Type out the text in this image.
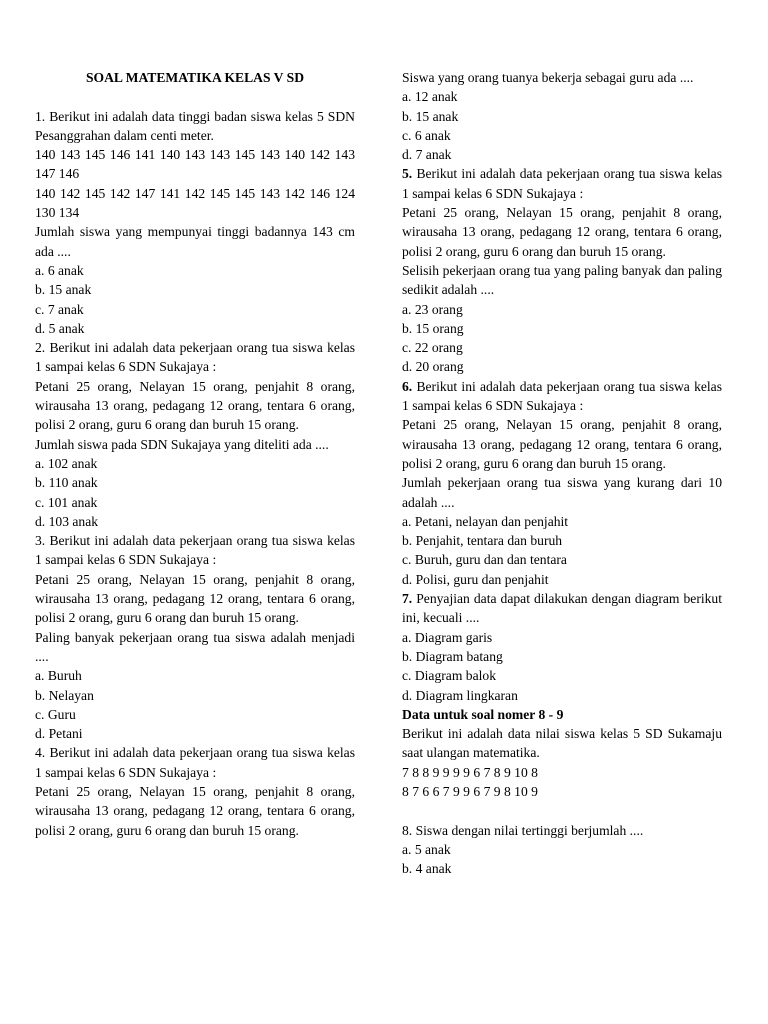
SOAL MATEMATIKA KELAS V SD

1. Berikut ini adalah data tinggi badan siswa kelas 5 SDN Pesanggrahan dalam centi meter.

140 143 145 146 141 140 143 143 145 143 140 142 143 147 146

140 142 145 142 147 141 142 145 145 143 142 146 124 130 134

Jumlah siswa yang mempunyai tinggi badannya 143 cm ada ....

a. 6 anak

b. 15 anak

c. 7 anak

d. 5 anak

2. Berikut ini adalah data pekerjaan orang tua siswa kelas 1 sampai kelas 6 SDN Sukajaya :

Petani 25 orang, Nelayan 15 orang, penjahit 8 orang, wirausaha 13 orang, pedagang 12 orang, tentara 6 orang, polisi 2 orang, guru 6 orang dan buruh 15 orang.

Jumlah siswa pada SDN Sukajaya yang diteliti ada ....

a. 102 anak

b. 110 anak

c. 101 anak

d. 103 anak

3. Berikut ini adalah data pekerjaan orang tua siswa kelas 1 sampai kelas 6 SDN Sukajaya :

Petani 25 orang, Nelayan 15 orang, penjahit 8 orang, wirausaha 13 orang, pedagang 12 orang, tentara 6 orang, polisi 2 orang, guru 6 orang dan buruh 15 orang.

Paling banyak pekerjaan orang tua siswa adalah menjadi ....

a. Buruh

b. Nelayan

c. Guru

d. Petani

4. Berikut ini adalah data pekerjaan orang tua siswa kelas 1 sampai kelas 6 SDN Sukajaya :

Petani 25 orang, Nelayan 15 orang, penjahit 8 orang, wirausaha 13 orang, pedagang 12 orang, tentara 6 orang, polisi 2 orang, guru 6 orang dan buruh 15 orang.

Siswa yang orang tuanya bekerja sebagai guru ada ....

a. 12 anak

b. 15 anak

c. 6 anak

d. 7 anak

5. Berikut ini adalah data pekerjaan orang tua siswa kelas 1 sampai kelas 6 SDN Sukajaya :

Petani 25 orang, Nelayan 15 orang, penjahit 8 orang, wirausaha 13 orang, pedagang 12 orang, tentara 6 orang, polisi 2 orang, guru 6 orang dan buruh 15 orang.

Selisih pekerjaan orang tua yang paling banyak dan paling sedikit adalah ....

a. 23 orang

b. 15 orang

c. 22 orang

d. 20 orang

6. Berikut ini adalah data pekerjaan orang tua siswa kelas 1 sampai kelas 6 SDN Sukajaya :

Petani 25 orang, Nelayan 15 orang, penjahit 8 orang, wirausaha 13 orang, pedagang 12 orang, tentara 6 orang, polisi 2 orang, guru 6 orang dan buruh 15 orang.

Jumlah pekerjaan orang tua siswa yang kurang dari 10 adalah ....

a. Petani, nelayan dan penjahit

b. Penjahit, tentara dan buruh

c. Buruh, guru dan dan tentara

d. Polisi, guru dan penjahit

7. Penyajian data dapat dilakukan dengan diagram berikut ini, kecuali ....

a. Diagram garis

b. Diagram batang

c. Diagram balok

d. Diagram lingkaran

Data untuk soal nomer 8 - 9

Berikut ini adalah data nilai siswa kelas 5 SD Sukamaju saat ulangan matematika.

7 8 8 9 9 9 9 6 7 8 9 10 8

8 7 6 6 7 9 9 6 7 9 8 10 9

8. Siswa dengan nilai tertinggi berjumlah ....

a. 5 anak

b. 4 anak
